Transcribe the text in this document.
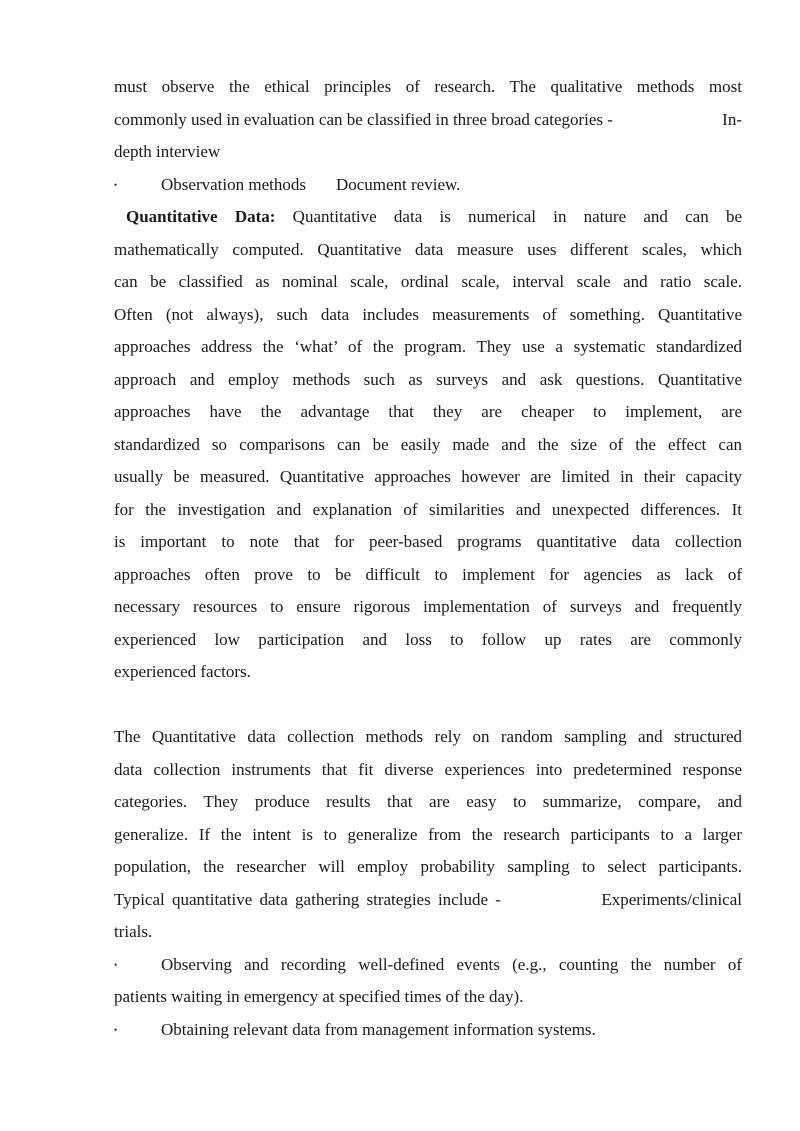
must observe the ethical principles of research. The qualitative methods most
commonly used in evaluation can be classified in three broad categories -	In-
depth interview
•	Observation methods Document review.
Quantitative Data: Quantitative data is numerical in nature and can be
mathematically computed. Quantitative data measure uses different scales, which
can be classified as nominal scale, ordinal scale, interval scale and ratio scale.
Often (not always), such data includes measurements of something. Quantitative
approaches address the ‘what’ of the program. They use a systematic standardized
approach and employ methods such as surveys and ask questions. Quantitative
approaches have the advantage that they are cheaper to implement, are
standardized so comparisons can be easily made and the size of the effect can
usually be measured. Quantitative approaches however are limited in their capacity
for the investigation and explanation of similarities and unexpected differences. It
is important to note that for peer-based programs quantitative data collection
approaches often prove to be difficult to implement for agencies as lack of
necessary resources to ensure rigorous implementation of surveys and frequently
experienced low participation and loss to follow up rates are commonly
experienced factors.
The Quantitative data collection methods rely on random sampling and structured
data collection instruments that fit diverse experiences into predetermined response
categories. They produce results that are easy to summarize, compare, and
generalize. If the intent is to generalize from the research participants to a larger
population, the researcher will employ probability sampling to select participants.
Typical quantitative data gathering strategies include -	Experiments/clinical
trials.
•	Observing and recording well-defined events (e.g., counting the number of
patients waiting in emergency at specified times of the day).
•	Obtaining relevant data from management information systems.
